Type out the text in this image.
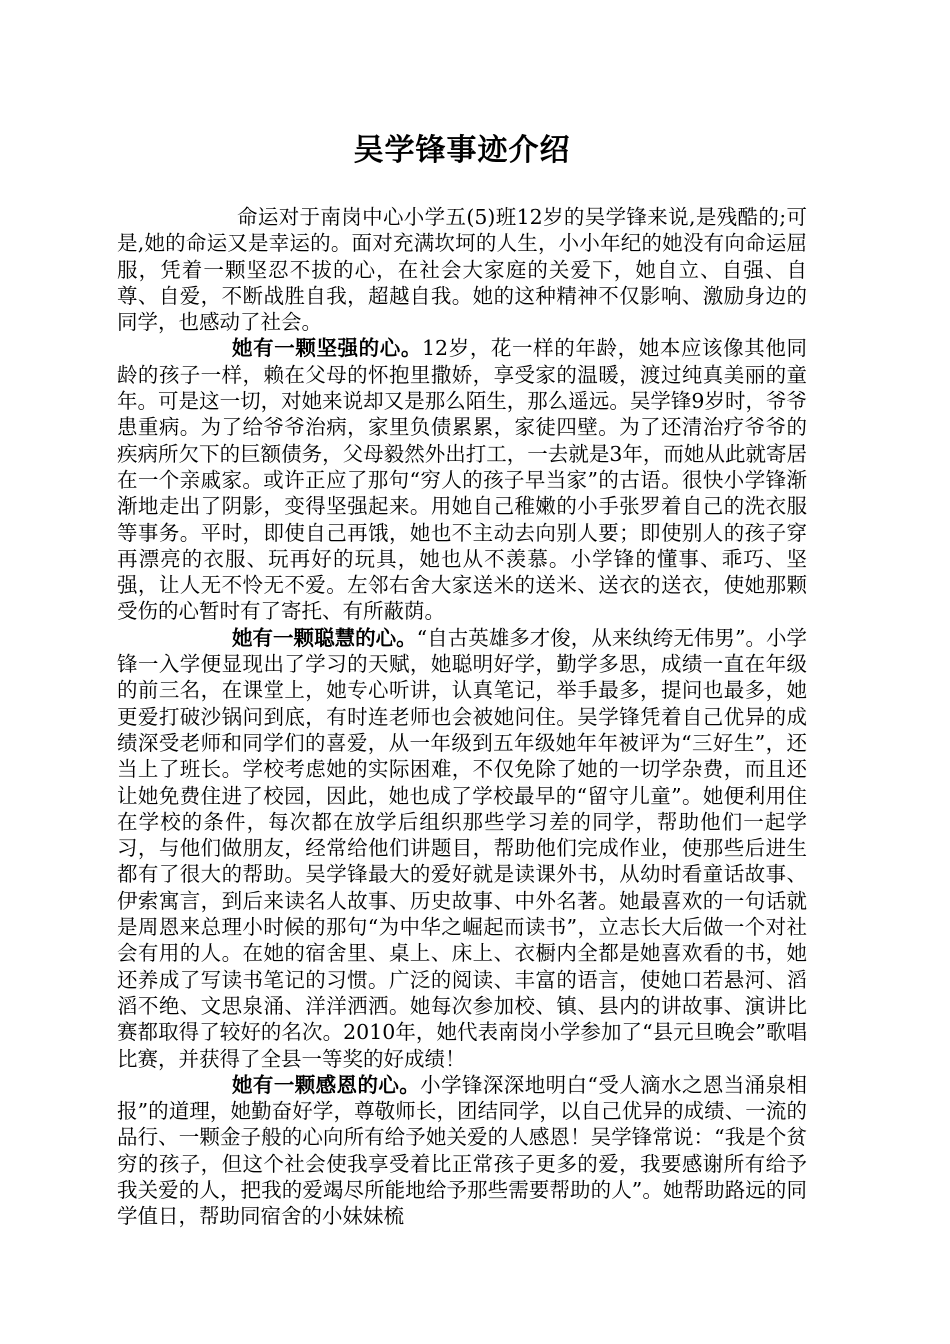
吴学锋事迹介绍

命运对于南岗中心小学五(5)班12岁的吴学锋来说,是残酷的;可是,她的命运又是幸运的。面对充满坎坷的人生，小小年纪的她没有向命运屈服，凭着一颗坚忍不拔的心，在社会大家庭的关爱下，她自立、自强、自尊、自爱，不断战胜自我，超越自我。她的这种精神不仅影响、激励身边的同学，也感动了社会。

她有一颗坚强的心。12岁，花一样的年龄，她本应该像其他同龄的孩子一样，赖在父母的怀抱里撒娇，享受家的温暖，渡过纯真美丽的童年。可是这一切，对她来说却又是那么陌生，那么遥远。吴学锋9岁时，爷爷患重病。为了给爷爷治病，家里负债累累，家徒四壁。为了还清治疗爷爷的疾病所欠下的巨额债务，父母毅然外出打工，一去就是3年，而她从此就寄居在一个亲戚家。或许正应了那句“穷人的孩子早当家”的古语。很快小学锋渐渐地走出了阴影，变得坚强起来。用她自己稚嫩的小手张罗着自己的洗衣服等事务。平时，即使自己再饿，她也不主动去向别人要；即使别人的孩子穿再漂亮的衣服、玩再好的玩具，她也从不羡慕。小学锋的懂事、乖巧、坚强，让人无不怜无不爱。左邻右舍大家送米的送米、送衣的送衣，使她那颗受伤的心暂时有了寄托、有所蔽荫。

她有一颗聪慧的心。“自古英雄多才俊，从来纨绔无伟男”。小学锋一入学便显现出了学习的天赋，她聪明好学，勤学多思，成绩一直在年级的前三名，在课堂上，她专心听讲，认真笔记，举手最多，提问也最多，她更爱打破沙锅问到底，有时连老师也会被她问住。吴学锋凭着自己优异的成绩深受老师和同学们的喜爱，从一年级到五年级她年年被评为“三好生”，还当上了班长。学校考虑她的实际困难，不仅免除了她的一切学杂费，而且还让她免费住进了校园，因此，她也成了学校最早的“留守儿童”。她便利用住在学校的条件，每次都在放学后组织那些学习差的同学，帮助他们一起学习，与他们做朋友，经常给他们讲题目，帮助他们完成作业，使那些后进生都有了很大的帮助。吴学锋最大的爱好就是读课外书，从幼时看童话故事、伊索寓言，到后来读名人故事、历史故事、中外名著。她最喜欢的一句话就是周恩来总理小时候的那句“为中华之崛起而读书”，立志长大后做一个对社会有用的人。在她的宿舍里、桌上、床上、衣橱内全都是她喜欢看的书，她还养成了写读书笔记的习惯。广泛的阅读、丰富的语言，使她口若悬河、滔滔不绝、文思泉涌、洋洋洒洒。她每次参加校、镇、县内的讲故事、演讲比赛都取得了较好的名次。2010年，她代表南岗小学参加了“县元旦晚会”歌唱比赛，并获得了全县一等奖的好成绩！

她有一颗感恩的心。小学锋深深地明白“受人滴水之恩当涌泉相报”的道理，她勤奋好学，尊敬师长，团结同学，以自己优异的成绩、一流的品行、一颗金子般的心向所有给予她关爱的人感恩！吴学锋常说：“我是个贫穷的孩子，但这个社会使我享受着比正常孩子更多的爱，我要感谢所有给予我关爱的人，把我的爱竭尽所能地给予那些需要帮助的人”。她帮助路远的同学值日，帮助同宿舍的小妹妹梳
